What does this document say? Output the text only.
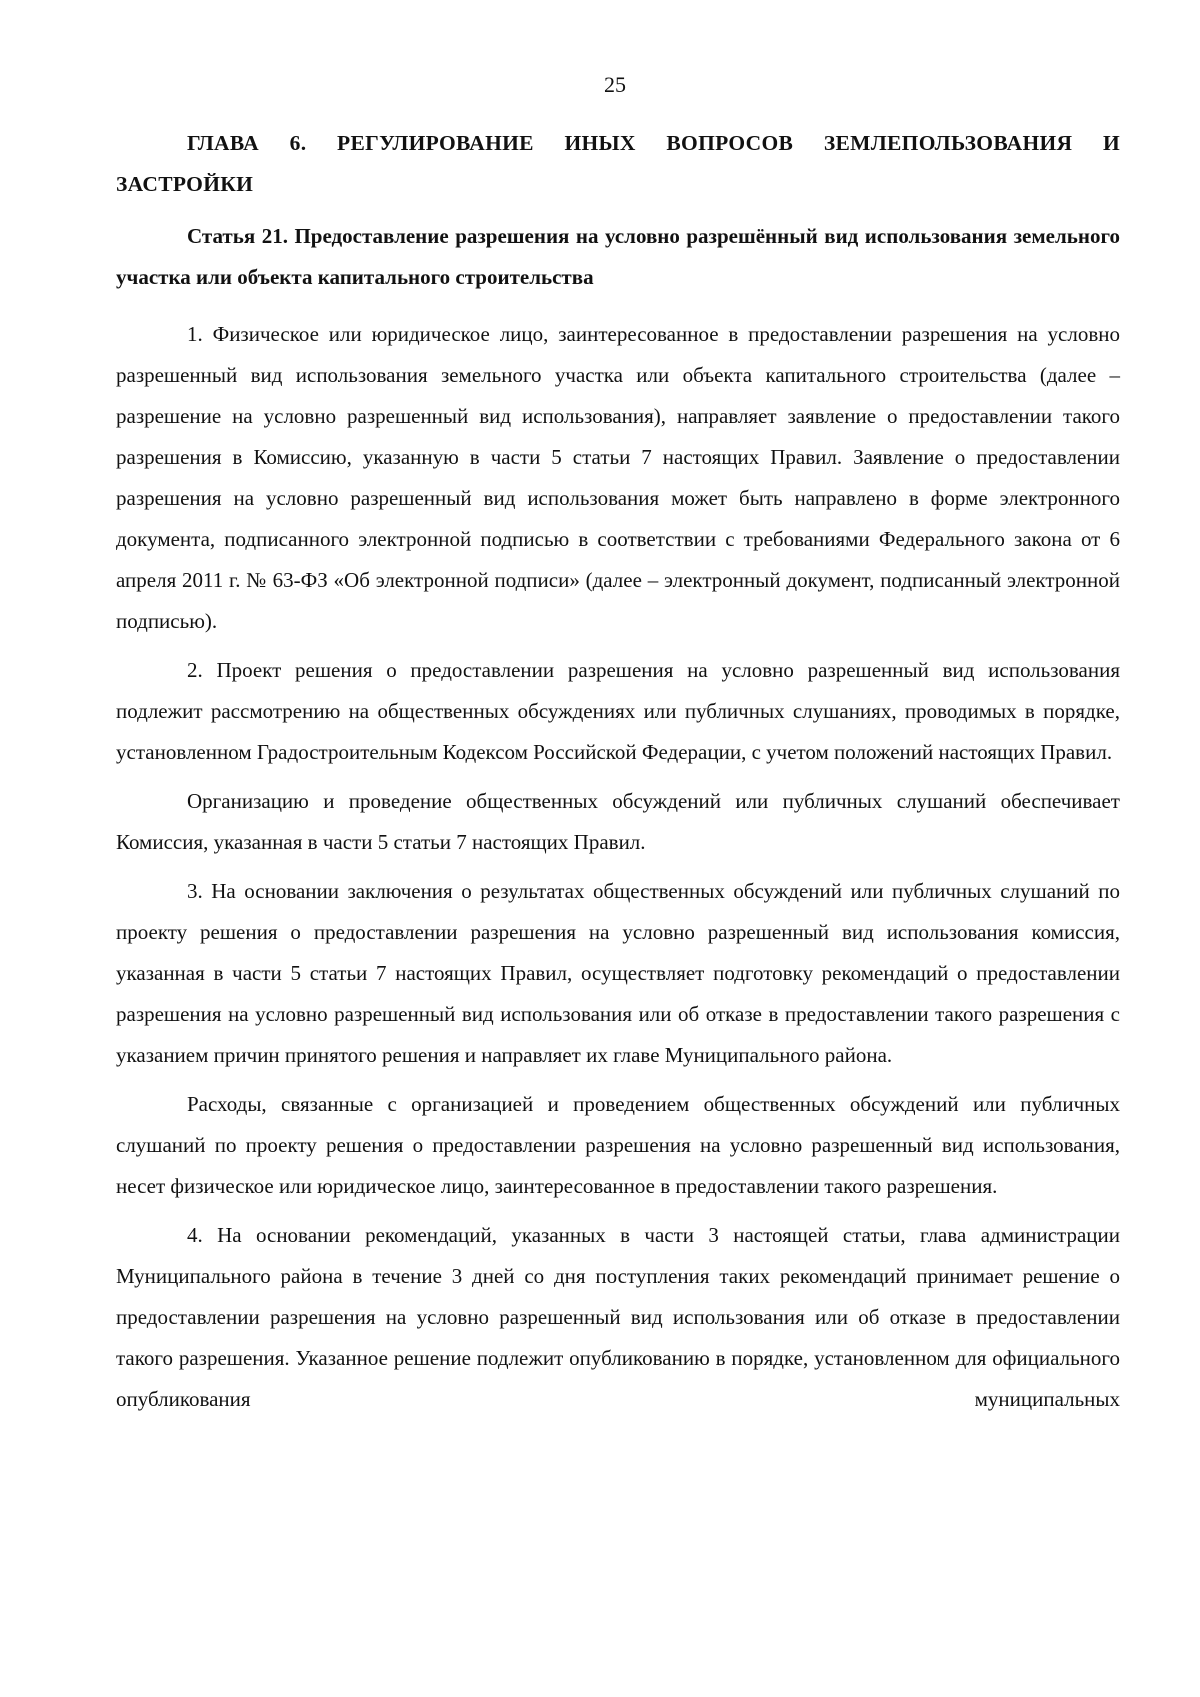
25
ГЛАВА 6. РЕГУЛИРОВАНИЕ ИНЫХ ВОПРОСОВ ЗЕМЛЕПОЛЬЗОВАНИЯ И ЗАСТРОЙКИ
Статья 21. Предоставление разрешения на условно разрешённый вид использования земельного участка или объекта капитального строительства

1. Физическое или юридическое лицо, заинтересованное в предоставлении разрешения на условно разрешенный вид использования земельного участка или объекта капитального строительства (далее – разрешение на условно разрешенный вид использования), направляет заявление о предоставлении такого разрешения в Комиссию, указанную в части 5 статьи 7 настоящих Правил. Заявление о предоставлении разрешения на условно разрешенный вид использования может быть направлено в форме электронного документа, подписанного электронной подписью в соответствии с требованиями Федерального закона от 6 апреля 2011 г. № 63-ФЗ «Об электронной подписи» (далее – электронный документ, подписанный электронной подписью).

2. Проект решения о предоставлении разрешения на условно разрешенный вид использования подлежит рассмотрению на общественных обсуждениях или публичных слушаниях, проводимых в порядке, установленном Градостроительным Кодексом Российской Федерации, с учетом положений настоящих Правил.

Организацию и проведение общественных обсуждений или публичных слушаний обеспечивает Комиссия, указанная в части 5 статьи 7 настоящих Правил.

3. На основании заключения о результатах общественных обсуждений или публичных слушаний по проекту решения о предоставлении разрешения на условно разрешенный вид использования комиссия, указанная в части 5 статьи 7 настоящих Правил, осуществляет подготовку рекомендаций о предоставлении разрешения на условно разрешенный вид использования или об отказе в предоставлении такого разрешения с указанием причин принятого решения и направляет их главе Муниципального района.

Расходы, связанные с организацией и проведением общественных обсуждений или публичных слушаний по проекту решения о предоставлении разрешения на условно разрешенный вид использования, несет физическое или юридическое лицо, заинтересованное в предоставлении такого разрешения.

4. На основании рекомендаций, указанных в части 3 настоящей статьи, глава администрации Муниципального района в течение 3 дней со дня поступления таких рекомендаций принимает решение о предоставлении разрешения на условно разрешенный вид использования или об отказе в предоставлении такого разрешения. Указанное решение подлежит опубликованию в порядке, установленном для официального опубликования муниципальных
